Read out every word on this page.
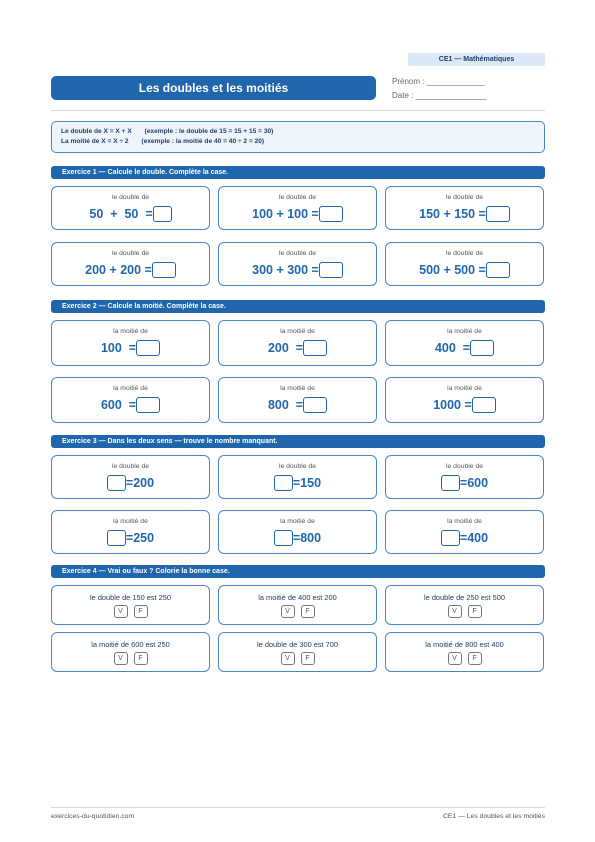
CE1 — Mathématiques
Les doubles et les moitiés	Prénom : _____________
Date : ________________
Le double de X = X + X       (exemple : le double de 15 = 15 + 15 = 30)
La moitié de X = X ÷ 2       (exemple : la moitié de 40 = 40 ÷ 2 = 20)
Exercice 1 — Calcule le double. Complète la case.
le double de
50  +  50  =
le double de
100 + 100 =
le double de
150 + 150 =
le double de
200 + 200 =
le double de
300 + 300 =
le double de
500 + 500 =
Exercice 2 — Calcule la moitié. Complète la case.
la moitié de
100  =
la moitié de
200  =
la moitié de
400  =
la moitié de
600  =
la moitié de
800  =
la moitié de
1000 =
Exercice 3 — Dans les deux sens — trouve le nombre manquant.
le double de
=200
le double de
=150
le double de
=600
la moitié de
=250
la moitié de
=800
la moitié de
=400
Exercice 4 — Vrai ou faux ? Colorie la bonne case.
le double de 150 est 250
V	F
la moitié de 400 est 200
V	F
le double de 250 est 500
V	F
la moitié de 600 est 250
V	F
le double de 300 est 700
V	F
la moitié de 800 est 400
V	F
exercices-du-quotidien.com	CE1 — Les doubles et les moitiés
